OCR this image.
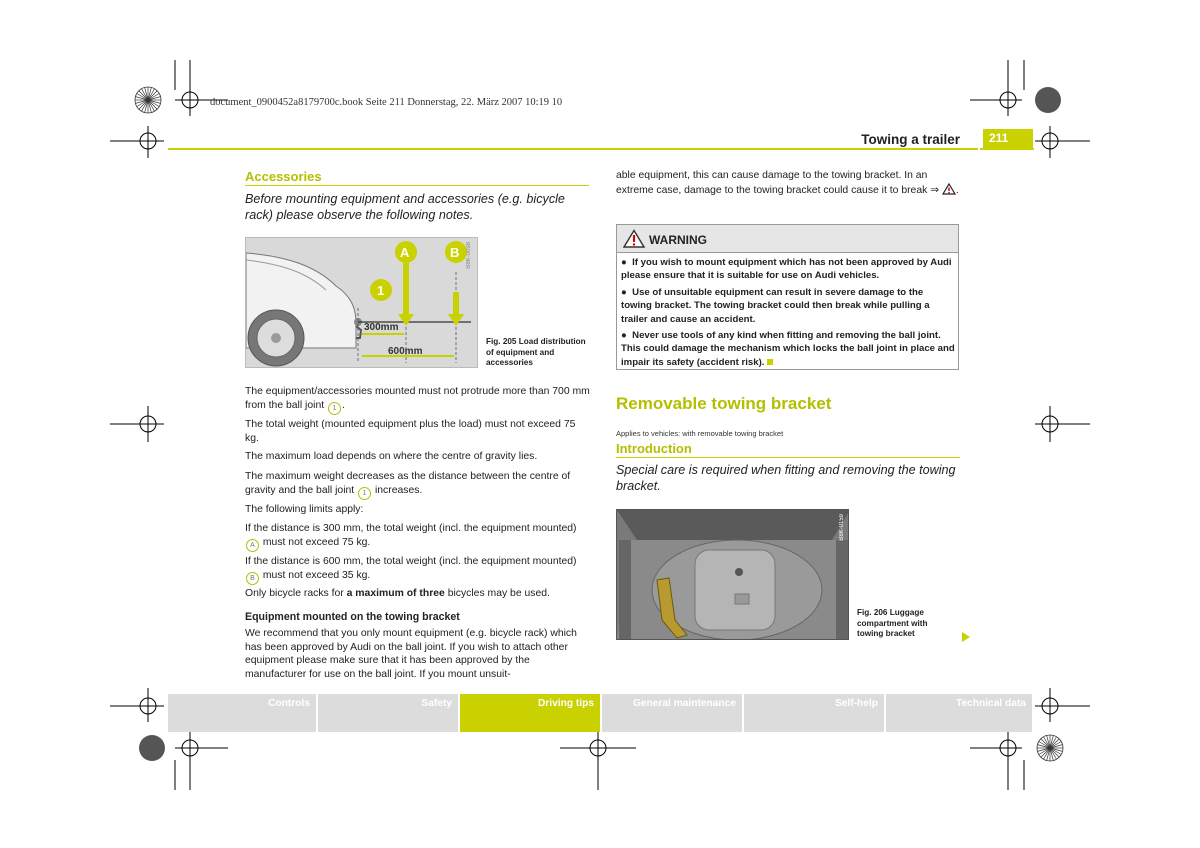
document_0900452a8179700c.book Seite 211 Donnerstag, 22. März 2007 10:19 10
Towing a trailer	211
Accessories
Before mounting equipment and accessories (e.g. bicycle rack) please observe the following notes.
A	B
1
300mm
600mm
B8K-0098
Fig. 205 Load distribution of equipment and accessories

The equipment/accessories mounted must not protrude more than 700 mm from the ball joint 1 .

The total weight (mounted equipment plus the load) must not exceed 75 kg.

The maximum load depends on where the centre of gravity lies.

The maximum weight decreases as the distance between the centre of gravity and the ball joint 1 increases.

The following limits apply:

If the distance is 300 mm, the total weight (incl. the equipment mounted) A must not exceed 75 kg.

If the distance is 600 mm, the total weight (incl. the equipment mounted) B must not exceed 35 kg.

Only bicycle racks for a maximum of three bicycles may be used.

Equipment mounted on the towing bracket

We recommend that you only mount equipment (e.g. bicycle rack) which has been approved by Audi on the ball joint. If you wish to attach other equipment please make sure that it has been approved by the manufacturer for use on the ball joint. If you mount unsuit-

able equipment, this can cause damage to the towing bracket. In an extreme case, damage to the towing bracket could cause it to break ⇒ .

WARNING
●  If you wish to mount equipment which has not been approved by Audi please ensure that it is suitable for use on Audi vehicles.
●  Use of unsuitable equipment can result in severe damage to the towing bracket. The towing bracket could then break while pulling a trailer and cause an accident.
●  Never use tools of any kind when fitting and removing the ball joint. This could damage the mechanism which locks the ball joint in place and impair its safety (accident risk).
Removable towing bracket
Applies to vehicles: with removable towing bracket
Introduction
Special care is required when fitting and removing the towing bracket.
B8K-0159
Fig. 206 Luggage compartment with towing bracket
Controls	Safety	Driving tips	General maintenance	Self-help	Technical data
